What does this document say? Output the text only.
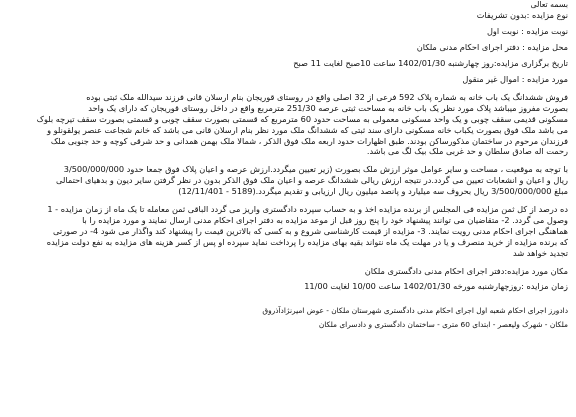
بسمه تعالی
نوع مزایده :بدون تشریفات
نوبت مزایده : نوبت اول
محل مزایده : دفتر اجرای احکام مدنی ملکان
تاریخ برگزاری مزایده:روز چهارشنبه 1402/01/30 ساعت 10صبح لغایت 11 صبح
مورد مزایده : اموال غیر منقول
فروش ششدانگ یک باب خانه به شماره پلاک 592 فرعی از 32 اصلی واقع در روستای قوریجان بنام ارسلان قانی فرزند سیدالله ملک ثبتی بوده
بصورت مفروز میباشد پلاک مورد نظر یک باب خانه به مساحت ثبتی عرصه 251/30 مترمربع واقع در داخل روستای قوریجان که دارای یک واحد
مسکونی قدیمی سقف چوبی و یک واحد مسکونی معمولی به مساحت حدود 60 مترمربع که قسمتی بصورت سقف چوبی و قسمتی بصورت سقف تیرچه بلوک
می باشد ملک فوق بصورت یکباب خانه مسکونی دارای سند ثبتی که ششدانگ ملک مورد نظر بنام ارسلان قانی می باشد که خانم شجاعت عنصر یولقونلو و
فرزندان مرحوم در ساختمان مذکورساکن بودند. طبق اظهارات حدود اربعه ملک فوق الذکر ، شمالا ملک بهمن همدانی و حد شرقی کوچه و حد جنوبی ملک
رحمت اله صادق سلطان و حد غربی ملک بیک لگ می باشد.
با توجه به موقعیت ، مساحت و سایر عوامل موثر ارزش ملک بصورت (زیر تعیین میگردد.ارزش عرصه و اعیان پلاک فوق جمعا حدود 3/500/000/000
ریال و اعیان و انشعابات تعیین می گردد.در نتیجه ارزش ریالی ششدانگ عرصه و اعیان ملک فوق الذکر بدون در نظر گرفتن سایر دیون و بدهیای احتمالی
مبلغ 3/500/000/000 ریال بحروف سه میلیارد و پانصد میلیون ریال ارزیابی و تقدیم میگردد.(5189 - 12/11/401)
ده درصد از کل ثمن مزایده فی المجلس از برنده مزایده اخذ و به حساب سپرده دادگستری واریز می گردد الباقی ثمن معامله تا یک ماه از زمان مزایده - 1
وصول می گردد. 2- متقاضیان می توانند پیشنهاد خود را پنج روز قبل از موعد مزایده به دفتر اجرای احکام مدنی ارسال نمایند و مورد مزایده را با
هماهنگی اجرای احکام مدنی رویت نمایند. 3- مزایده از قیمت کارشناسی شروع و به کسی که بالاترین قیمت را پیشنهاد کند واگذار می شود 4- در صورتی
که برنده مزایده از خرید منصرف و یا در مهلت یک ماه نتواند بقیه بهای مزایده را پرداخت نماید سپرده او پس از کسر هزینه های مزایده به نفع دولت مزایده
تجدید خواهد شد
مکان مورد مزایده:دفتر اجرای احکام مدنی دادگستری ملکان
زمان مزایده :روزچهارشنبه مورخه 1402/01/30 ساعت 10/00 لغایت 11/00
دادورز اجرای احکام شعبه اول اجرای احکام مدنی دادگستری شهرستان ملکان - عوض امیرنژادآذروق
ملکان - شهرک ولیعصر - ابتدای 60 متری - ساختمان دادگستری و دادسرای ملکان
